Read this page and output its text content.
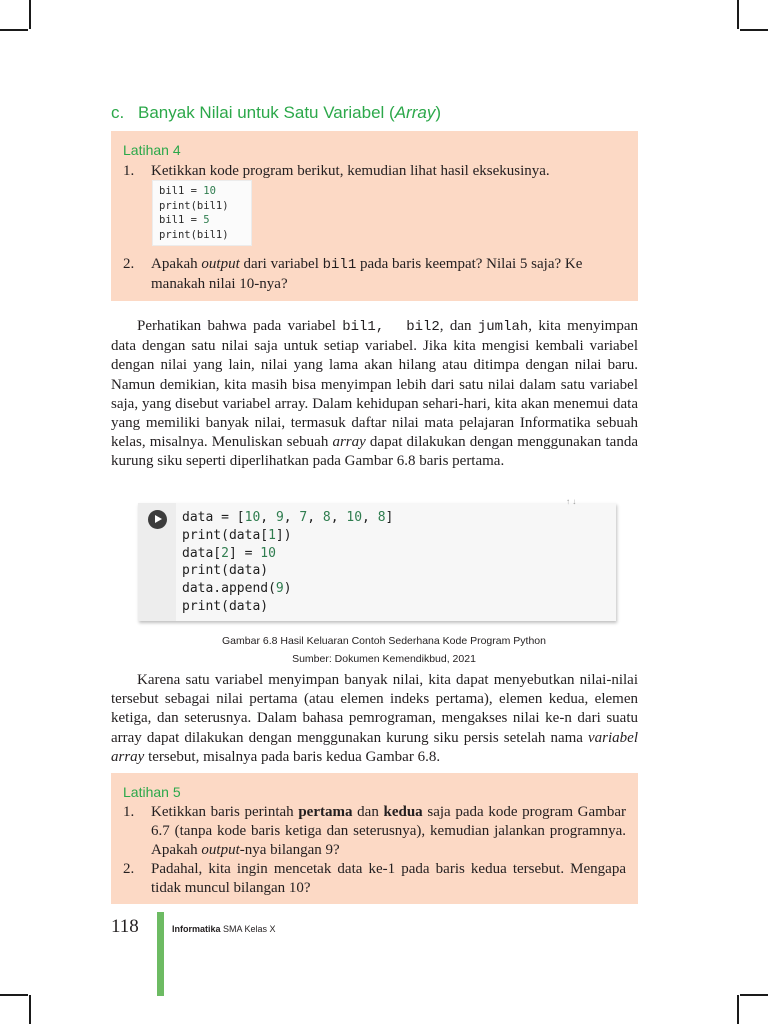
c. Banyak Nilai untuk Satu Variabel (Array)
Latihan 4
1. Ketikkan kode program berikut, kemudian lihat hasil eksekusinya.
2. Apakah output dari variabel bil1 pada baris keempat? Nilai 5 saja? Ke manakah nilai 10-nya?
bil1 = 10
print(bil1)
bil1 = 5
print(bil1)
Perhatikan bahwa pada variabel bil1, bil2, dan jumlah, kita menyimpan data dengan satu nilai saja untuk setiap variabel. Jika kita mengisi kembali variabel dengan nilai yang lain, nilai yang lama akan hilang atau ditimpa dengan nilai baru. Namun demikian, kita masih bisa menyimpan lebih dari satu nilai dalam satu variabel saja, yang disebut variabel array. Dalam kehidupan sehari-hari, kita akan menemui data yang memiliki banyak nilai, termasuk daftar nilai mata pelajaran Informatika sebuah kelas, misalnya. Menuliskan sebuah array dapat dilakukan dengan menggunakan tanda kurung siku seperti diperlihatkan pada Gambar 6.8 baris pertama.
↑ ↓
data = [10, 9, 7, 8, 10, 8]
print(data[1])
data[2] = 10
print(data)
data.append(9)
print(data)
Gambar 6.8 Hasil Keluaran Contoh Sederhana Kode Program Python
Sumber: Dokumen Kemendikbud, 2021
Karena satu variabel menyimpan banyak nilai, kita dapat menyebutkan nilai-nilai tersebut sebagai nilai pertama (atau elemen indeks pertama), elemen kedua, elemen ketiga, dan seterusnya. Dalam bahasa pemrograman, mengakses nilai ke-n dari suatu array dapat dilakukan dengan menggunakan kurung siku persis setelah nama variabel array tersebut, misalnya pada baris kedua Gambar 6.8.
Latihan 5
1. Ketikkan baris perintah pertama dan kedua saja pada kode program Gambar 6.7 (tanpa kode baris ketiga dan seterusnya), kemudian jalankan programnya. Apakah output-nya bilangan 9?
2. Padahal, kita ingin mencetak data ke-1 pada baris kedua tersebut. Mengapa tidak muncul bilangan 10?
118	Informatika SMA Kelas X
